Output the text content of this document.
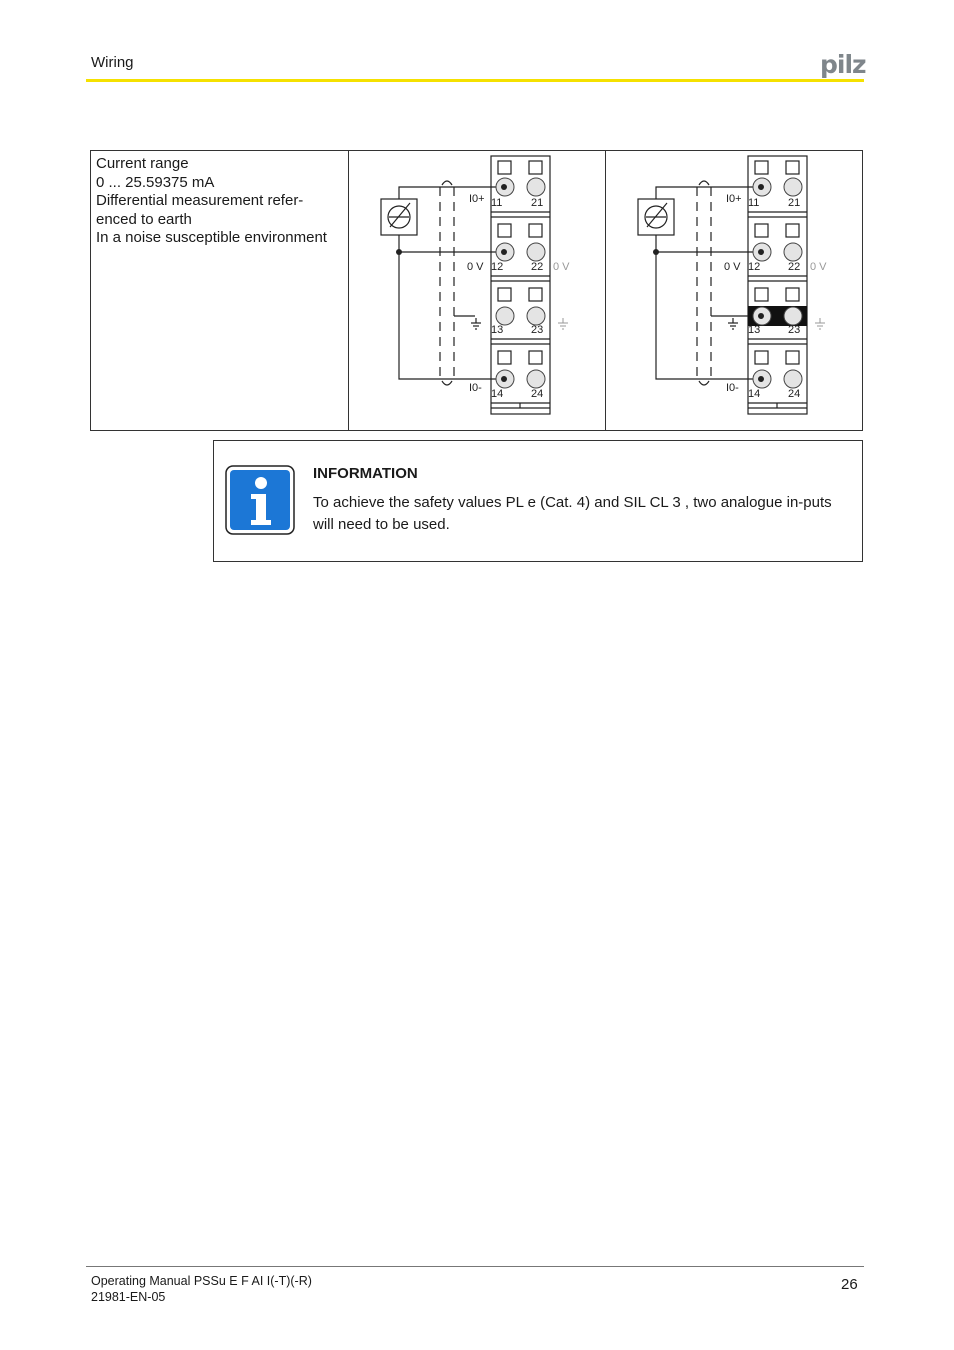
Wiring	pilz
Current range
0 ... 25.59375 mA
Differential measurement refer-
enced to earth
In a noise susceptible environment
I0+
0 V	0 V
I0-
11	21
12	22
13	23
14	24
I0+
0 V	0 V
I0-
11	21
12	22
13	23
14	24
INFORMATION
To achieve the safety values PL e (Cat. 4) and SIL CL 3 , two analogue in-puts will need to be used.
Operating Manual PSSu E F AI I(-T)(-R)
21981-EN-05
26
